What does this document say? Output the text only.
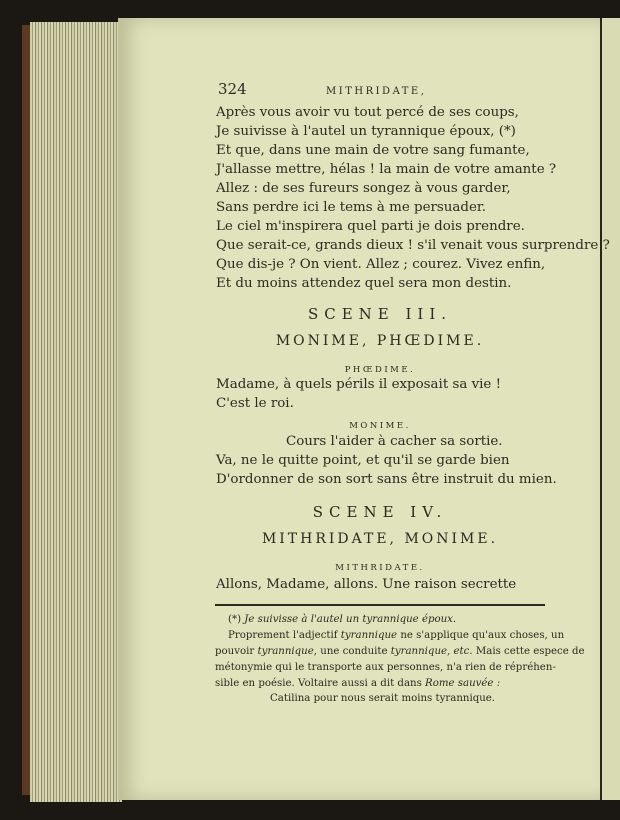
324	MITHRIDATE,
Après vous avoir vu tout percé de ses coups,
Je suivisse à l'autel un tyrannique époux, (*)
Et que, dans une main de votre sang fumante,
J'allasse mettre, hélas ! la main de votre amante ?
Allez : de ses fureurs songez à vous garder,
Sans perdre ici le tems à me persuader.
Le ciel m'inspirera quel parti je dois prendre.
Que serait-ce, grands dieux ! s'il venait vous surprendre ?
Que dis-je ? On vient. Allez ; courez. Vivez enfin,
Et du moins attendez quel sera mon destin.
SCENE III.
MONIME, PHŒDIME.
PHŒDIME.
MONIME.
SCENE IV.
MITHRIDATE, MONIME.
MITHRIDATE.
Madame, à quels périls il exposait sa vie !
C'est le roi.
Cours l'aider à cacher sa sortie.
Va, ne le quitte point, et qu'il se garde bien
D'ordonner de son sort sans être instruit du mien.
Allons, Madame, allons. Une raison secrette
(*) Je suivisse à l'autel un tyrannique époux.
Proprement l'adjectif tyrannique ne s'applique qu'aux choses, un
pouvoir tyrannique, une conduite tyrannique, etc. Mais cette espece de
métonymie qui le transporte aux personnes, n'a rien de répréhen-
sible en poésie. Voltaire aussi a dit dans Rome sauvée :
Catilina pour nous serait moins tyrannique.
